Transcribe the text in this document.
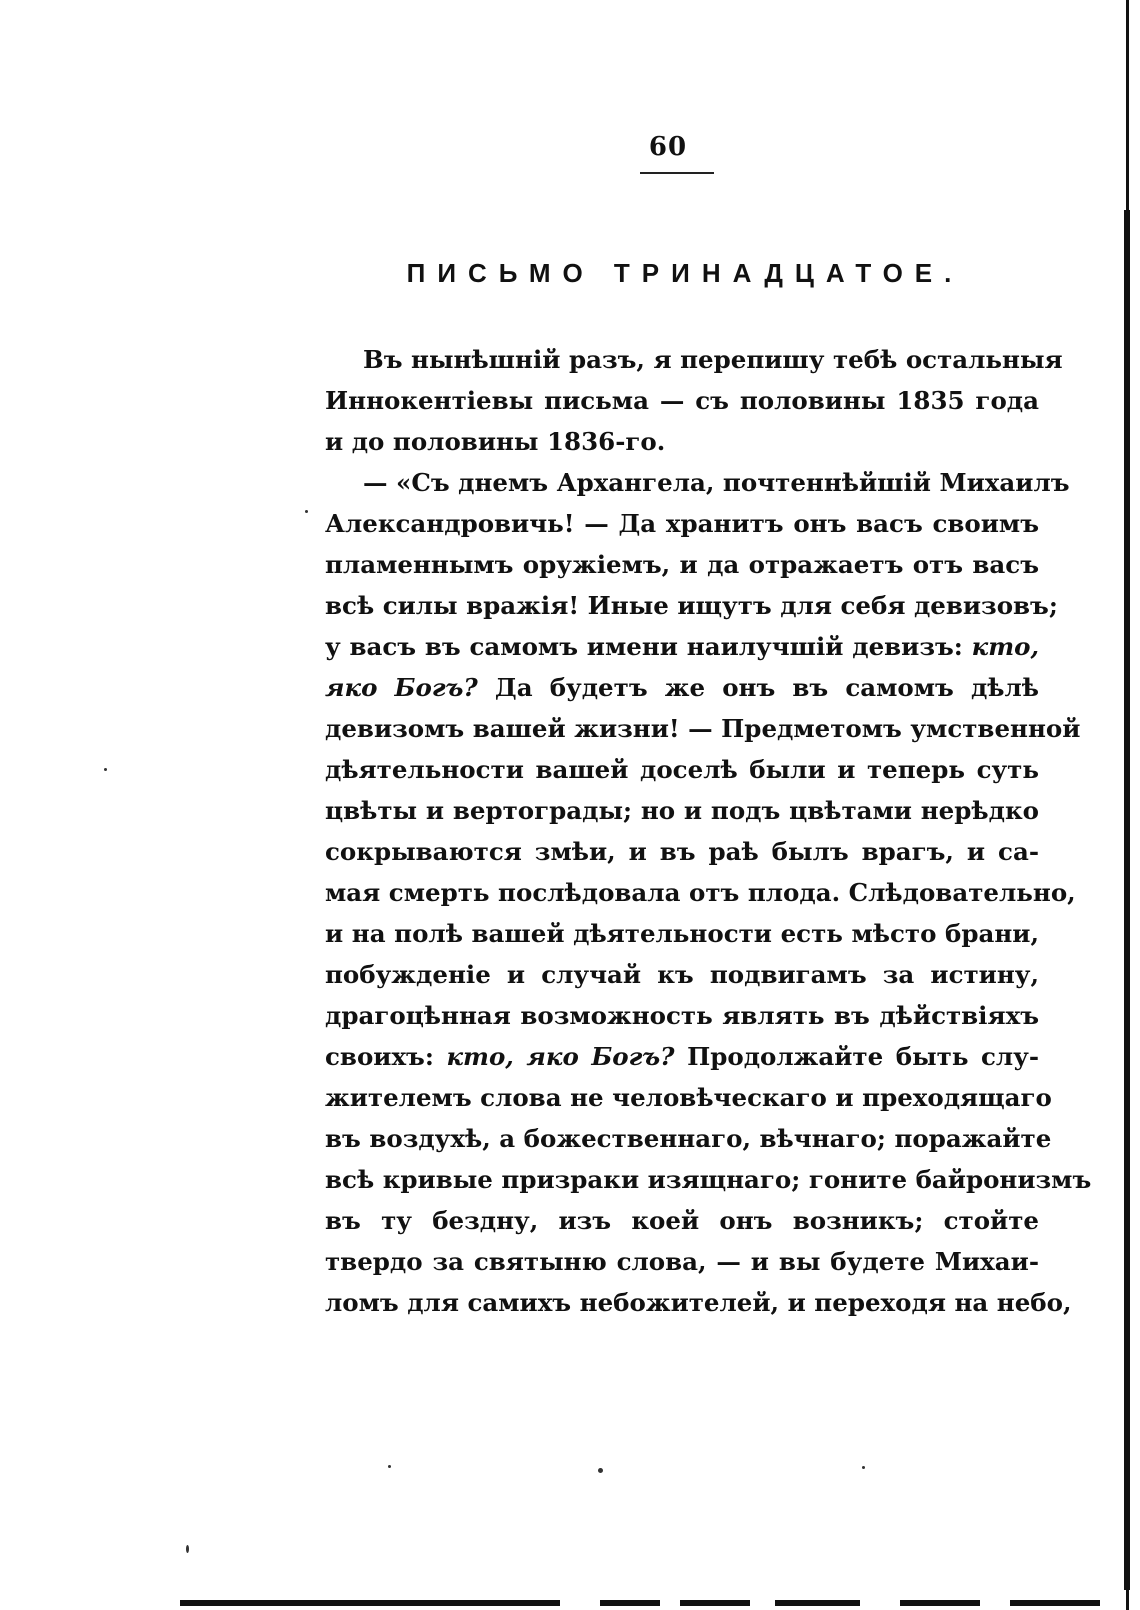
60
ПИСЬМО ТРИНАДЦАТОЕ.
Въ нынѣшній разъ, я перепишу тебѣ остальныя
Иннокентіевы письма — съ половины 1835 года
и до половины 1836-го.
— «Съ днемъ Архангела, почтеннѣйшій Михаилъ
Александровичь! — Да хранитъ онъ васъ своимъ
пламеннымъ оружіемъ, и да отражаетъ отъ васъ
всѣ силы вражія! Иные ищутъ для себя девизовъ;
у васъ въ самомъ имени наилучшій девизъ: кто,
яко Богъ? Да будетъ же онъ въ самомъ дѣлѣ
девизомъ вашей жизни! — Предметомъ умственной
дѣятельности вашей доселѣ были и теперь суть
цвѣты и вертограды; но и подъ цвѣтами нерѣдко
сокрываются змѣи, и въ раѣ былъ врагъ, и са-
мая смерть послѣдовала отъ плода. Слѣдовательно,
и на полѣ вашей дѣятельности есть мѣсто брани,
побужденіе и случай къ подвигамъ за истину,
драгоцѣнная возможность являть въ дѣйствіяхъ
своихъ: кто, яко Богъ? Продолжайте быть слу-
жителемъ слова не человѣческаго и преходящаго
въ воздухѣ, а божественнаго, вѣчнаго; поражайте
всѣ кривые призраки изящнаго; гоните байронизмъ
въ ту бездну, изъ коей онъ возникъ; стойте
твердо за святыню слова, — и вы будете Михаи-
ломъ для самихъ небожителей, и переходя на небо,
